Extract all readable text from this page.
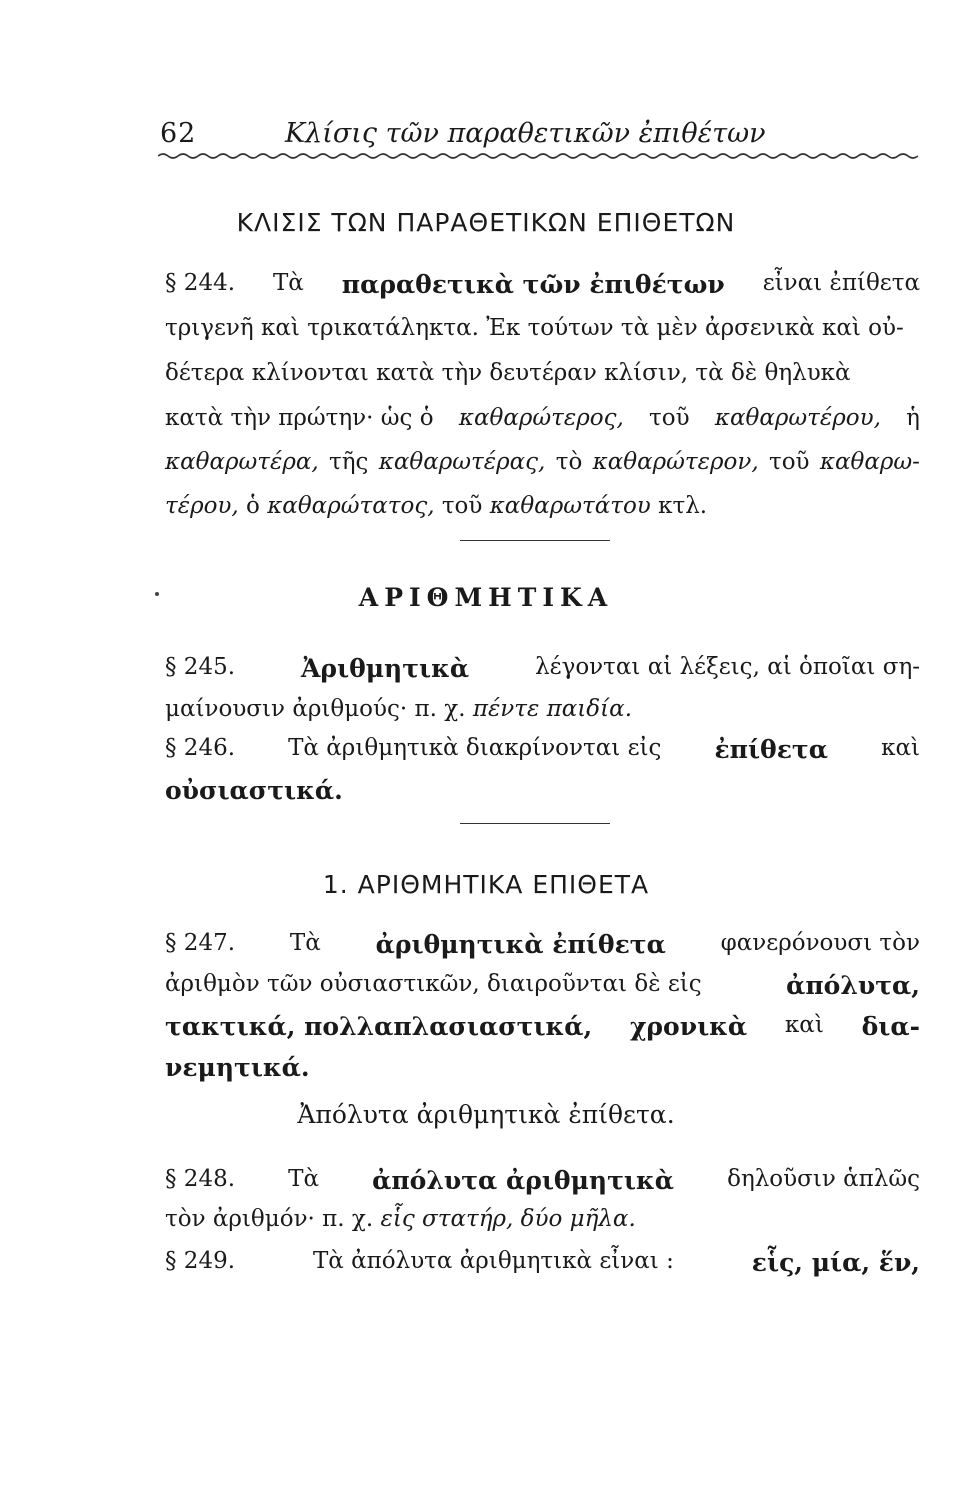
62	Κλίσις τῶν παραθετικῶν ἐπιθέτων
ΚΛΙΣΙΣ ΤΩΝ ΠΑΡΑΘΕΤΙΚΩΝ ΕΠΙΘΕΤΩΝ
§ 244. Τὰ παραθετικὰ τῶν ἐπιθέτων εἶναι ἐπίθετα
τριγενῆ καὶ τρικατάληκτα. Ἐκ τούτων τὰ μὲν ἀρσενικὰ καὶ οὐ-
δέτερα κλίνονται κατὰ τὴν δευτέραν κλίσιν, τὰ δὲ θηλυκὰ
κατὰ τὴν πρώτην· ὡς ὁ καθαρώτερος, τοῦ καθαρωτέρου, ἡ
καθαρωτέρα, τῆς καθαρωτέρας, τὸ καθαρώτερον, τοῦ καθαρω-
τέρου, ὁ καθαρώτατος, τοῦ καθαρωτάτου κτλ.
ΑΡΙΘΜΗΤΙΚΑ
§ 245.	Ἀριθμητικὰ	λέγονται αἱ λέξεις, αἱ ὁποῖαι ση-
μαίνουσιν ἀριθμούς· π. χ. πέντε παιδία.
§ 246. Τὰ ἀριθμητικὰ διακρίνονται εἰς ἐπίθετα καὶ
οὐσιαστικά.
1. ΑΡΙΘΜΗΤΙΚΑ ΕΠΙΘΕΤΑ
§ 247. Τὰ ἀριθμητικὰ ἐπίθετα φανερόνουσι τὸν
ἀριθμὸν τῶν οὐσιαστικῶν, διαιροῦνται δὲ εἰς	ἀπόλυτα,
τακτικά, πολλαπλασιαστικά, χρονικὰ καὶ δια-
νεμητικά.
Ἀπόλυτα ἀριθμητικὰ ἐπίθετα.
§ 248. Τὰ ἀπόλυτα ἀριθμητικὰ δηλοῦσιν ἁπλῶς
τὸν ἀριθμόν· π. χ. εἷς στατήρ, δύο μῆλα.
§ 249.	Τὰ ἀπόλυτα ἀριθμητικὰ εἶναι :	εἷς, μία, ἕν,
